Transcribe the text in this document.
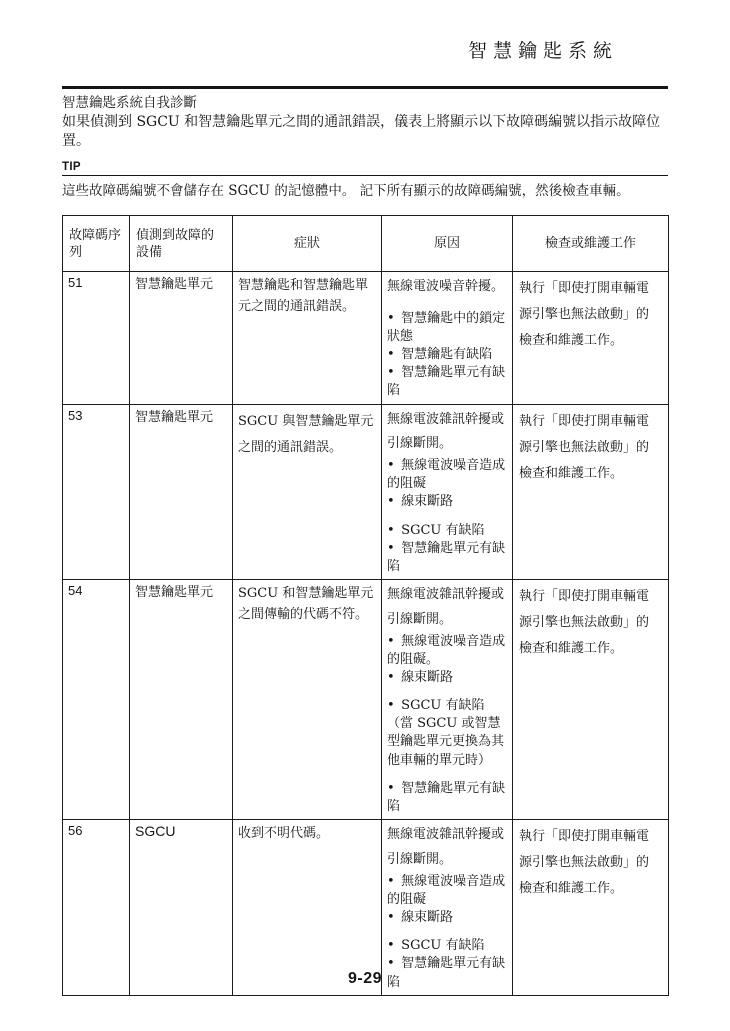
智慧鑰匙系統
智慧鑰匙系統自我診斷
如果偵測到 SGCU 和智慧鑰匙單元之間的通訊錯誤，儀表上將顯示以下故障碼編號以指示故障位置。
TIP
這些故障碼編號不會儲存在 SGCU 的記憶體中。 記下所有顯示的故障碼編號，然後檢查車輛。
故障碼序列	偵測到故障的設備	症狀	原因	檢查或維護工作
51	智慧鑰匙單元	智慧鑰匙和智慧鑰匙單元之間的通訊錯誤。	無線電波噪音幹擾。
• 智慧鑰匙中的鎖定狀態
• 智慧鑰匙有缺陷
• 智慧鑰匙單元有缺陷	執行「即使打開車輛電源引擎也無法啟動」的檢查和維護工作。
53	智慧鑰匙單元	SGCU 與智慧鑰匙單元之間的通訊錯誤。	無線電波雜訊幹擾或引線斷開。
• 無線電波噪音造成的阻礙
• 線束斷路
• SGCU 有缺陷
• 智慧鑰匙單元有缺陷	執行「即使打開車輛電源引擎也無法啟動」的檢查和維護工作。
54	智慧鑰匙單元	SGCU 和智慧鑰匙單元之間傳輸的代碼不符。	無線電波雜訊幹擾或引線斷開。
• 無線電波噪音造成的阻礙。
• 線束斷路
• SGCU 有缺陷（當 SGCU 或智慧型鑰匙單元更換為其他車輛的單元時）
• 智慧鑰匙單元有缺陷	執行「即使打開車輛電源引擎也無法啟動」的檢查和維護工作。
56	SGCU	收到不明代碼。	無線電波雜訊幹擾或引線斷開。
• 無線電波噪音造成的阻礙
• 線束斷路
• SGCU 有缺陷
• 智慧鑰匙單元有缺陷	執行「即使打開車輛電源引擎也無法啟動」的檢查和維護工作。
9-29
